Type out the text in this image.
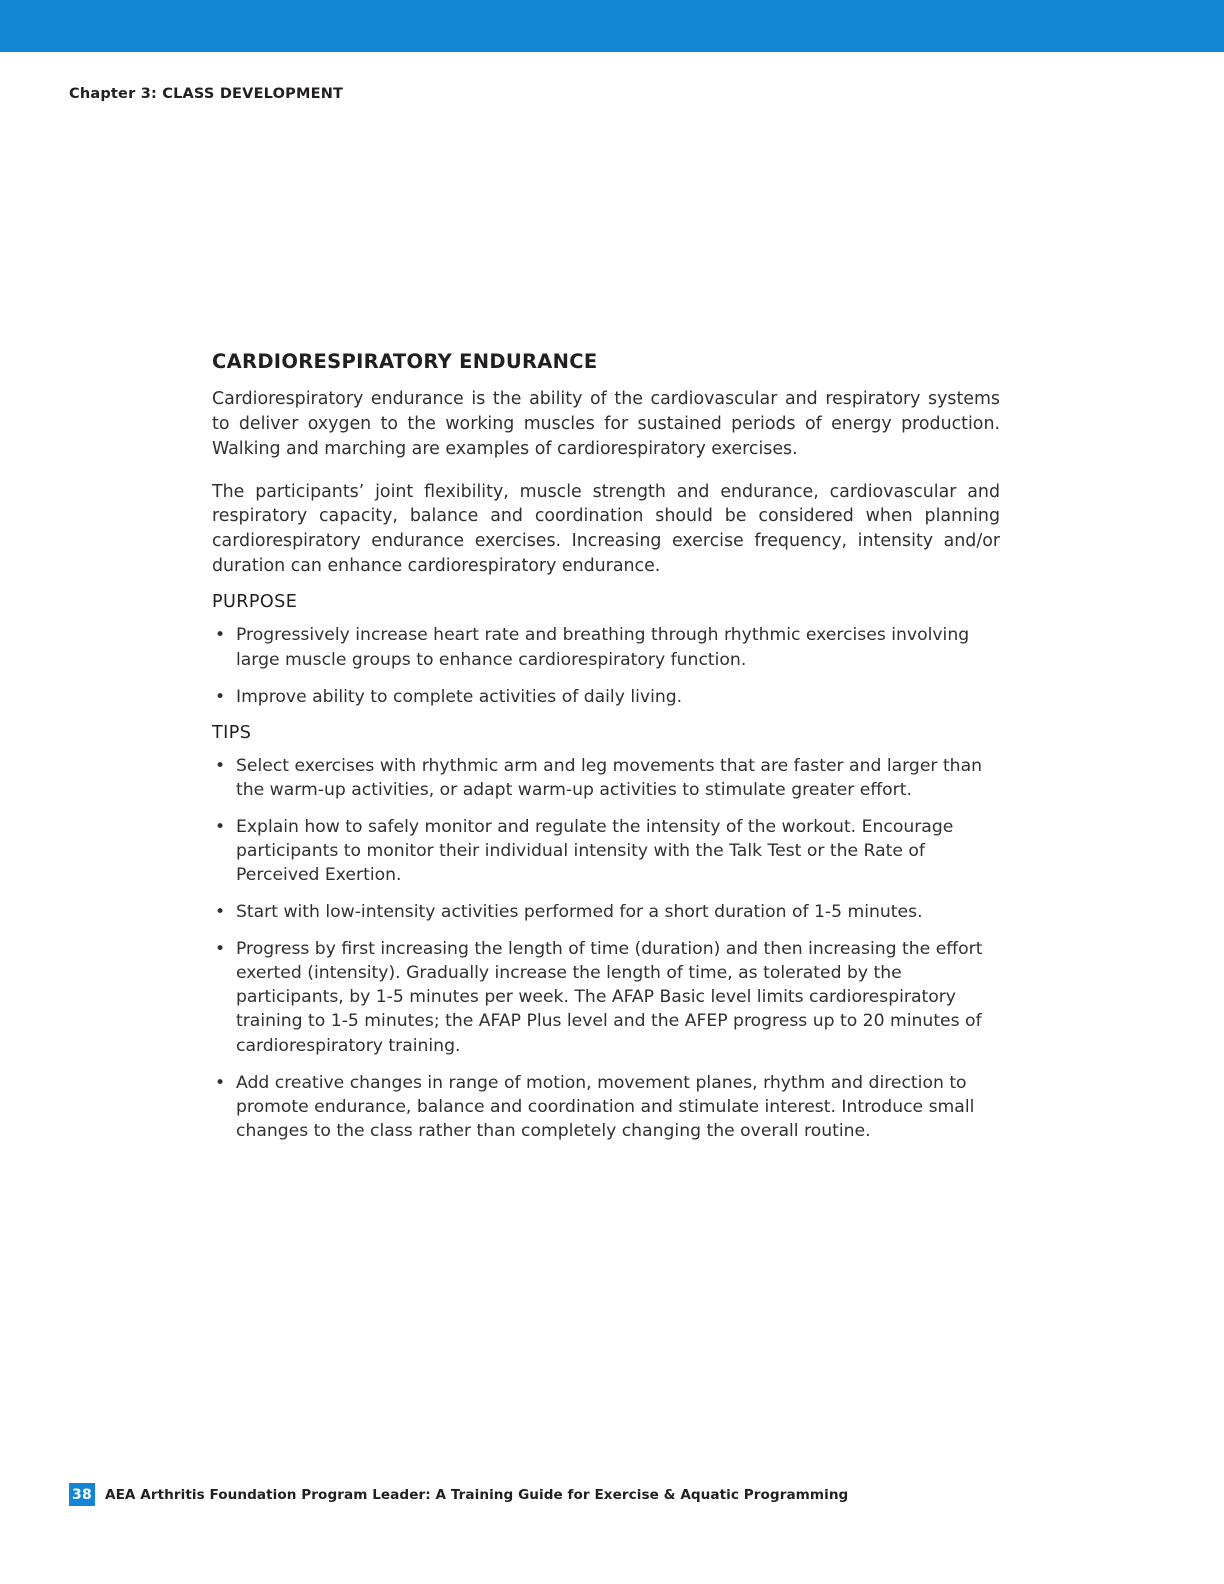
Chapter 3: CLASS DEVELOPMENT
CARDIORESPIRATORY ENDURANCE

Cardiorespiratory endurance is the ability of the cardiovascular and respiratory systems to deliver oxygen to the working muscles for sustained periods of energy production. Walking and marching are examples of cardiorespiratory exercises.

The participants’ joint flexibility, muscle strength and endurance, cardiovascular and respiratory capacity, balance and coordination should be considered when planning cardiorespiratory endurance exercises. Increasing exercise frequency, intensity and/or duration can enhance cardiorespiratory endurance.

PURPOSE
• Progressively increase heart rate and breathing through rhythmic exercises involving large muscle groups to enhance cardiorespiratory function.
• Improve ability to complete activities of daily living.
TIPS
• Select exercises with rhythmic arm and leg movements that are faster and larger than the warm-up activities, or adapt warm-up activities to stimulate greater effort.
• Explain how to safely monitor and regulate the intensity of the workout. Encourage participants to monitor their individual intensity with the Talk Test or the Rate of Perceived Exertion.
• Start with low-intensity activities performed for a short duration of 1-5 minutes.
• Progress by first increasing the length of time (duration) and then increasing the effort exerted (intensity). Gradually increase the length of time, as tolerated by the participants, by 1-5 minutes per week. The AFAP Basic level limits cardiorespiratory training to 1-5 minutes; the AFAP Plus level and the AFEP progress up to 20 minutes of cardiorespiratory training.
• Add creative changes in range of motion, movement planes, rhythm and direction to promote endurance, balance and coordination and stimulate interest. Introduce small changes to the class rather than completely changing the overall routine.
38 AEA Arthritis Foundation Program Leader: A Training Guide for Exercise & Aquatic Programming
